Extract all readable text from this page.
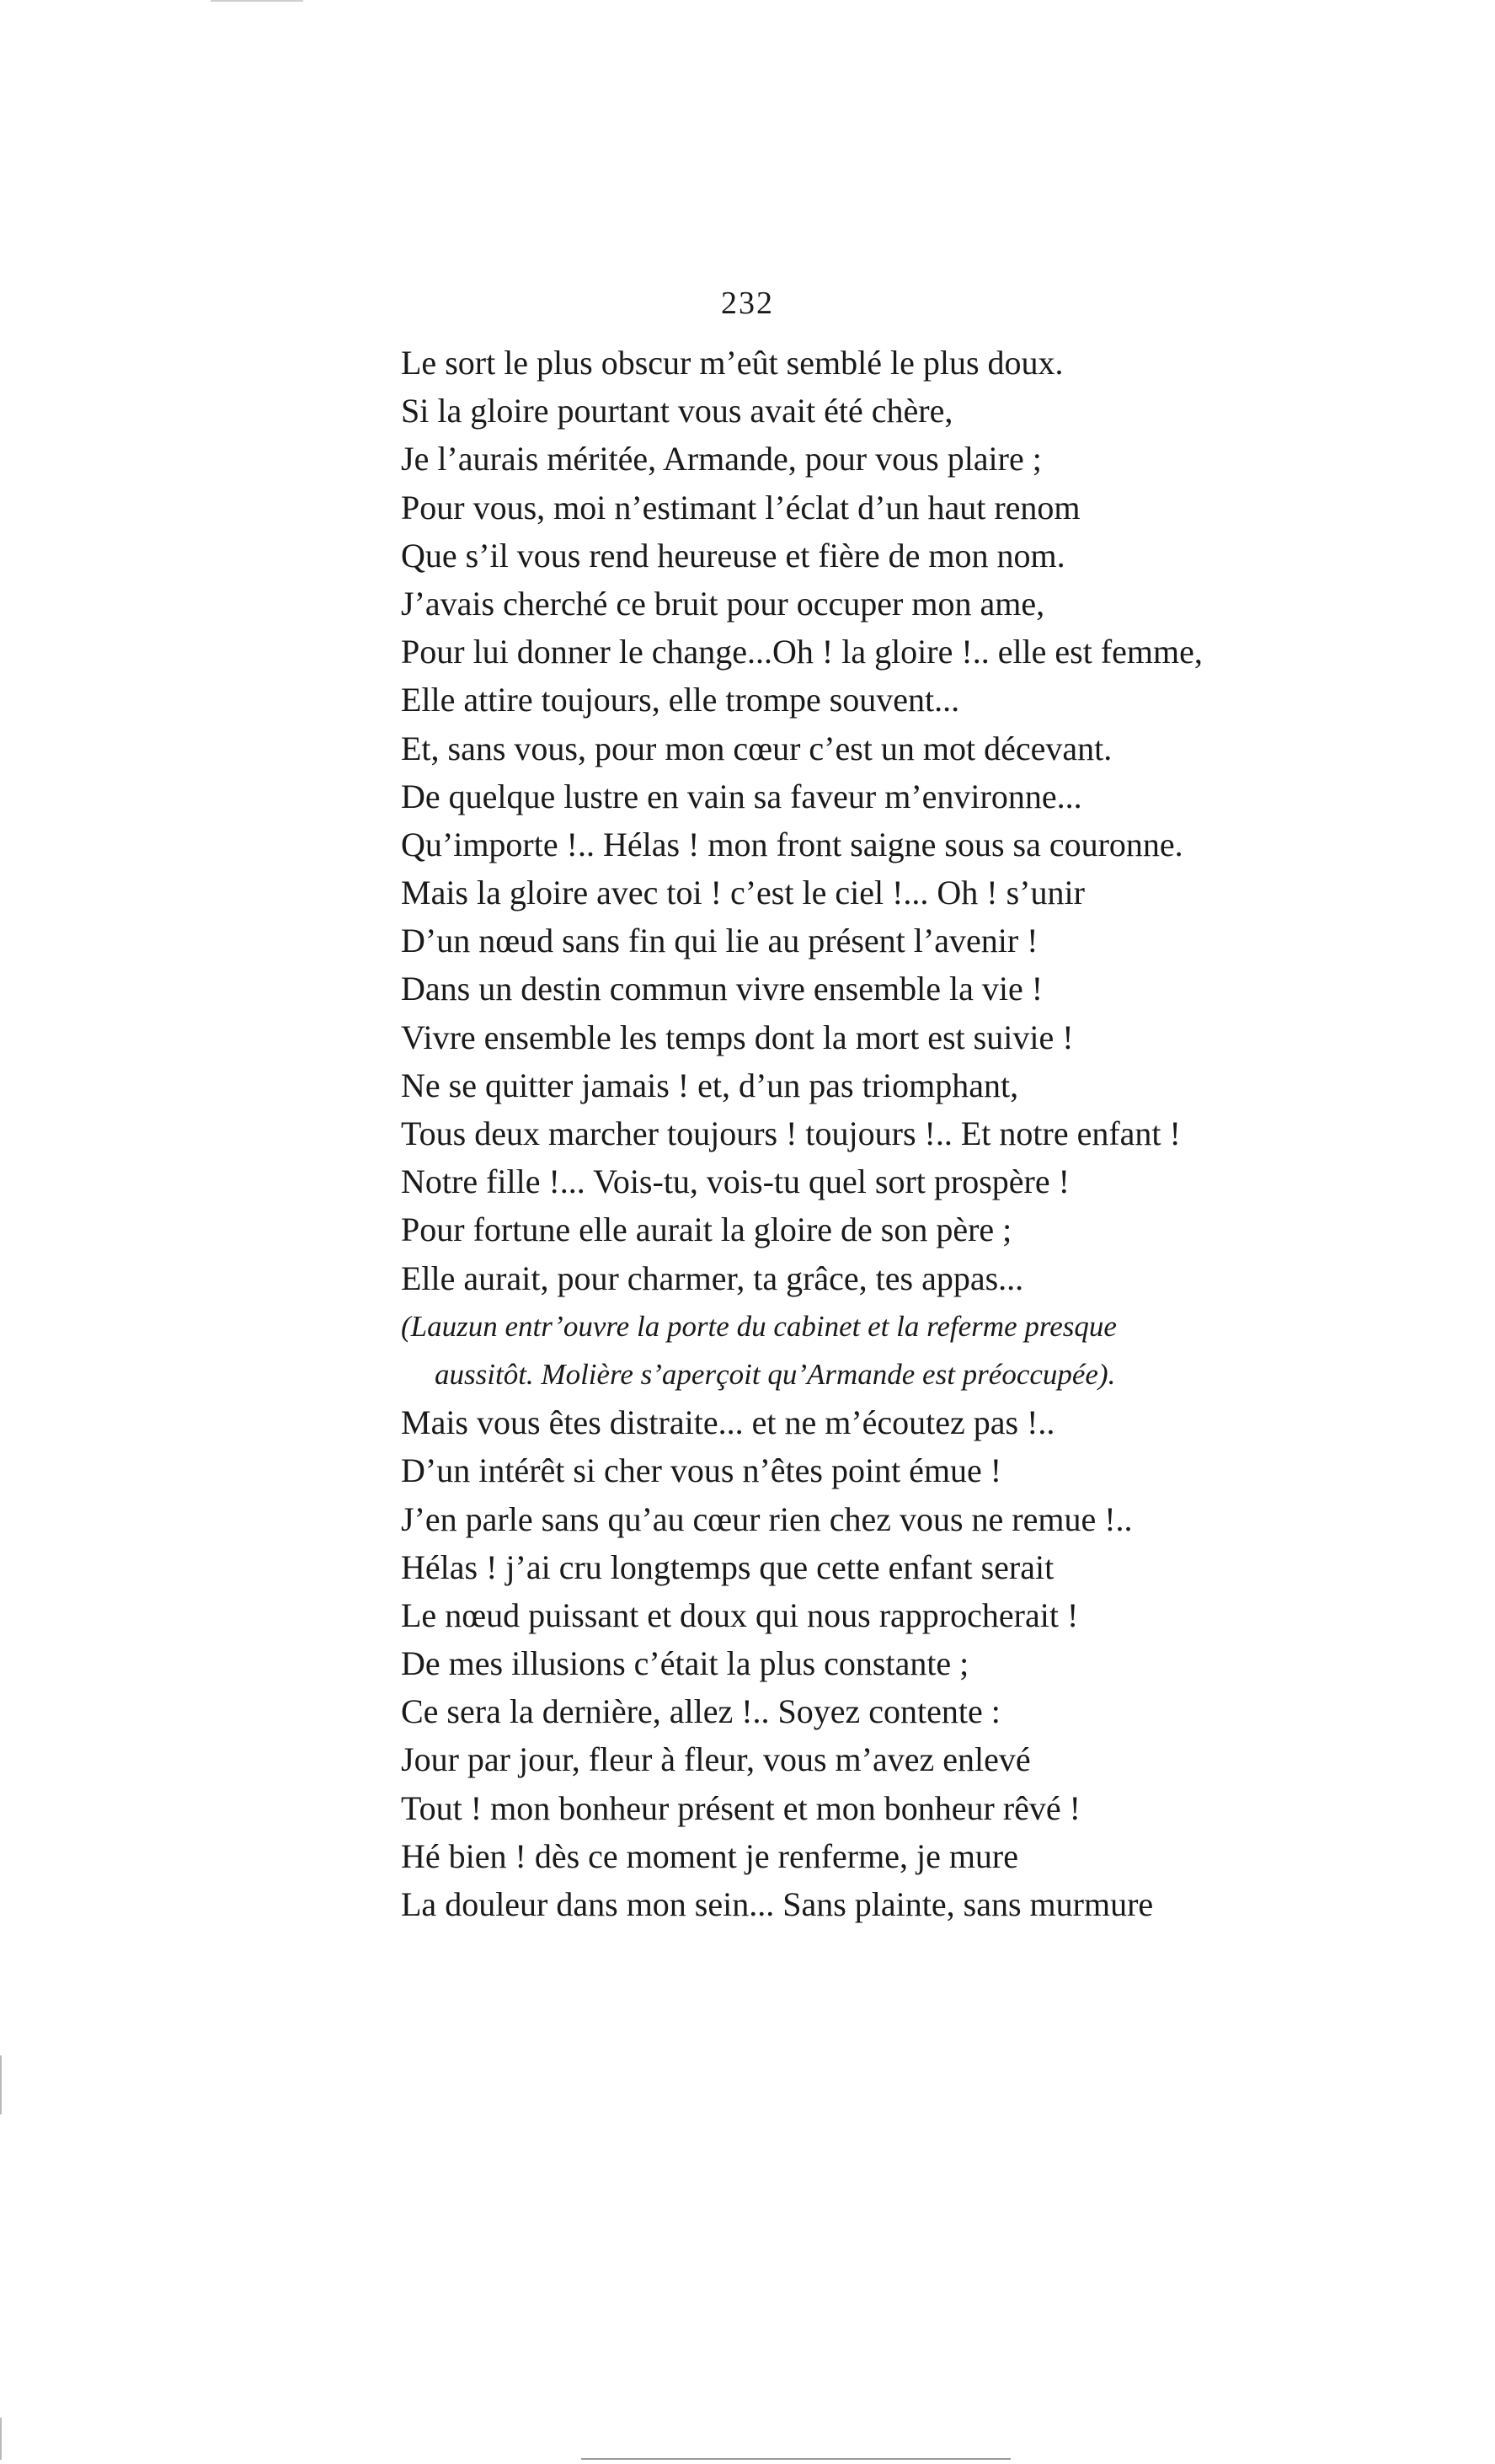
232
Le sort le plus obscur m’eût semblé le plus doux.
Si la gloire pourtant vous avait été chère,
Je l’aurais méritée, Armande, pour vous plaire ;
Pour vous, moi n’estimant l’éclat d’un haut renom
Que s’il vous rend heureuse et fière de mon nom.
J’avais cherché ce bruit pour occuper mon ame,
Pour lui donner le change...Oh ! la gloire !.. elle est femme,
Elle attire toujours, elle trompe souvent...
Et, sans vous, pour mon cœur c’est un mot décevant.
De quelque lustre en vain sa faveur m’environne...
Qu’importe !.. Hélas ! mon front saigne sous sa couronne.
Mais la gloire avec toi ! c’est le ciel !... Oh ! s’unir
D’un nœud sans fin qui lie au présent l’avenir !
Dans un destin commun vivre ensemble la vie !
Vivre ensemble les temps dont la mort est suivie !
Ne se quitter jamais ! et, d’un pas triomphant,
Tous deux marcher toujours ! toujours !.. Et notre enfant !
Notre fille !... Vois-tu, vois-tu quel sort prospère !
Pour fortune elle aurait la gloire de son père ;
Elle aurait, pour charmer, ta grâce, tes appas...
(Lauzun entr’ouvre la porte du cabinet et la referme presque
aussitôt. Molière s’aperçoit qu’Armande est préoccupée).
Mais vous êtes distraite... et ne m’écoutez pas !..
D’un intérêt si cher vous n’êtes point émue !
J’en parle sans qu’au cœur rien chez vous ne remue !..
Hélas ! j’ai cru longtemps que cette enfant serait
Le nœud puissant et doux qui nous rapprocherait !
De mes illusions c’était la plus constante ;
Ce sera la dernière, allez !.. Soyez contente :
Jour par jour, fleur à fleur, vous m’avez enlevé
Tout ! mon bonheur présent et mon bonheur rêvé !
Hé bien ! dès ce moment je renferme, je mure
La douleur dans mon sein... Sans plainte, sans murmure
